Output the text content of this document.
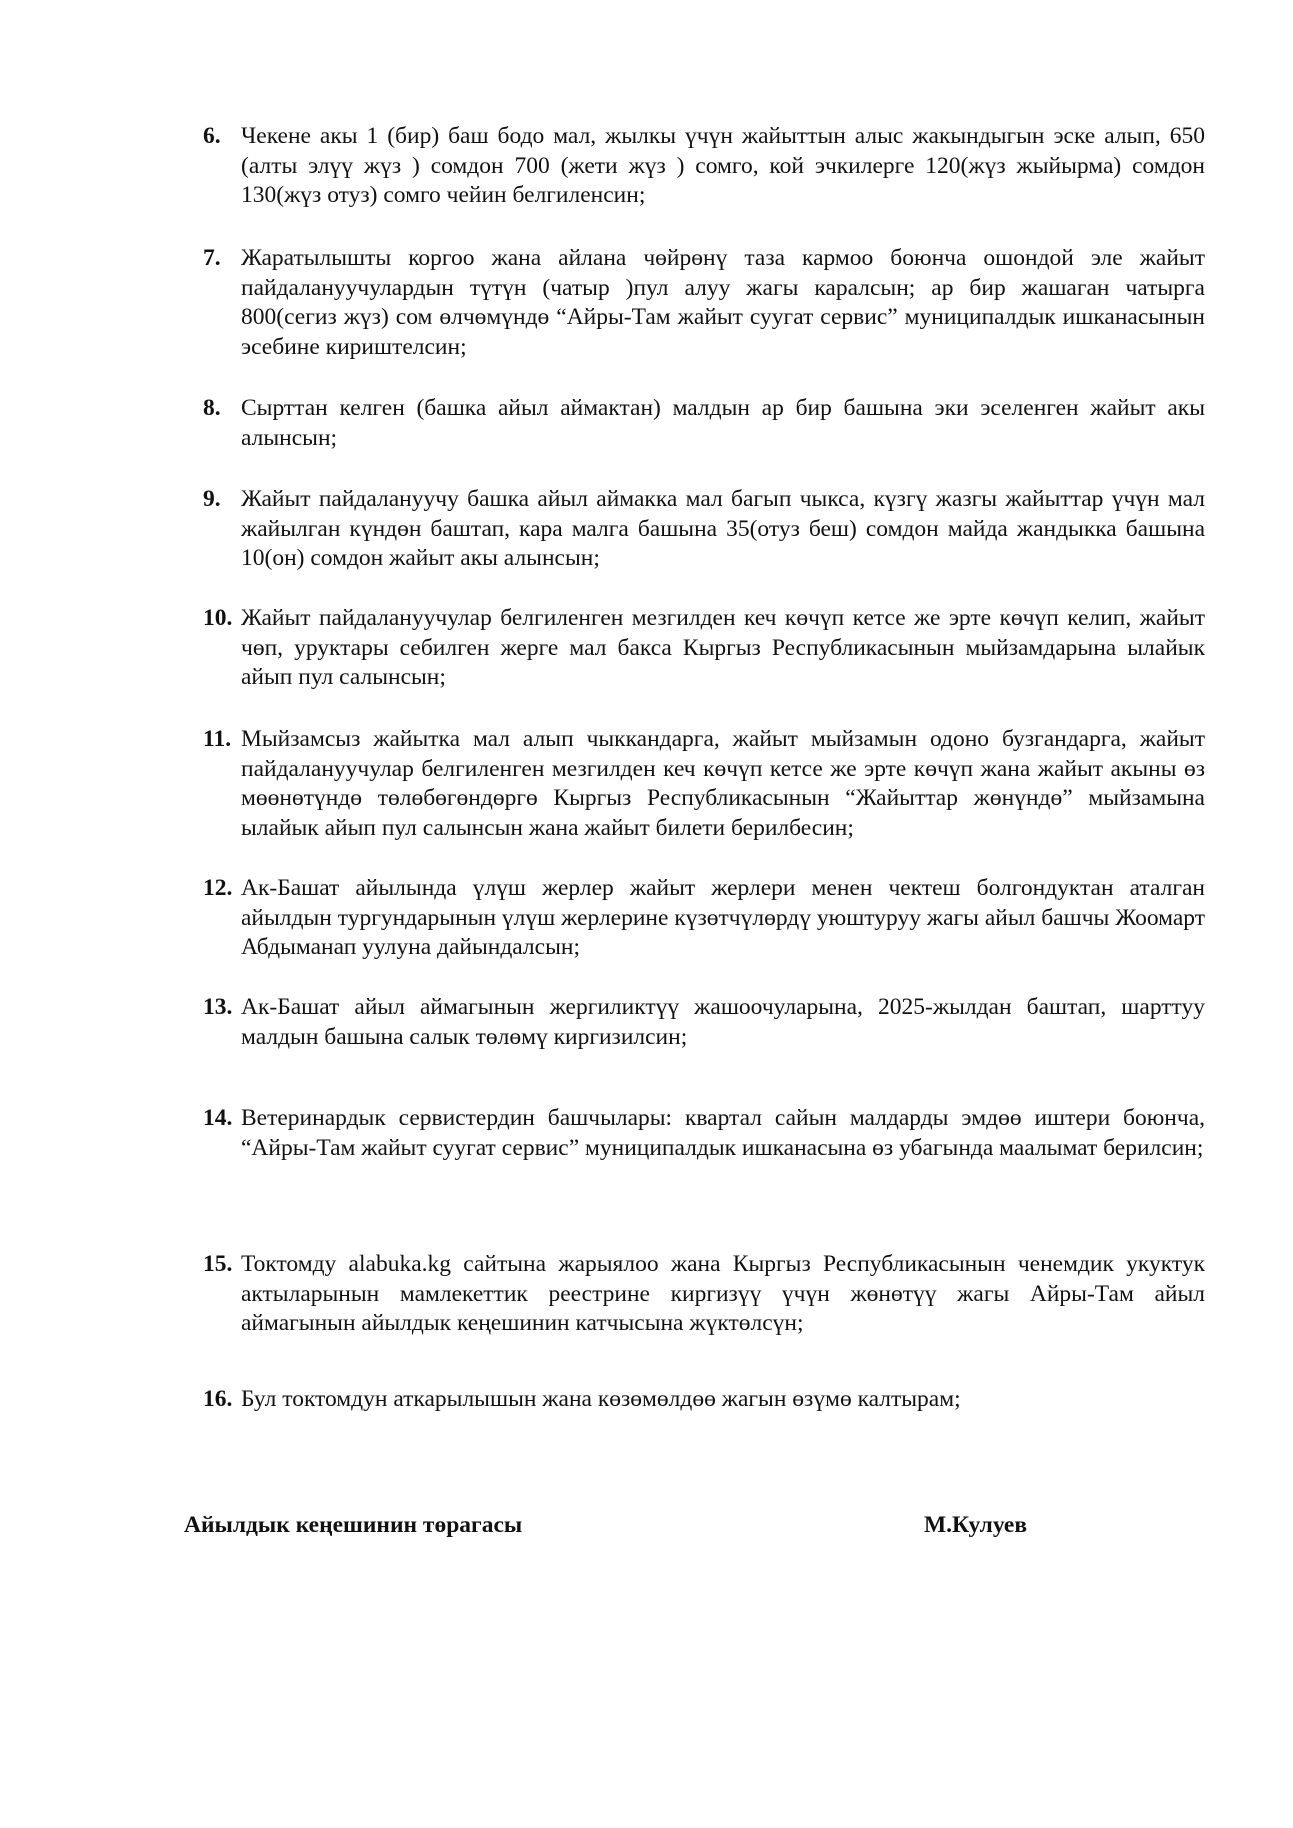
6. Чекене акы 1 (бир) баш бодо мал, жылкы үчүн жайыттын алыс жакындыгын эске алып, 650 (алты элүү жүз ) сомдон 700 (жети жүз ) сомго, кой эчкилерге 120(жүз жыйырма) сомдон 130(жүз отуз) сомго чейин белгиленсин;
7. Жаратылышты коргоо жана айлана чөйрөнү таза кармоо боюнча ошондой эле жайыт пайдалануучулардын түтүн (чатыр )пул алуу жагы каралсын; ар бир жашаган чатырга 800(сегиз жүз) сом өлчөмүндө “Айры-Там жайыт суугат сервис” муниципалдык ишканасынын эсебине кириштелсин;
8. Сырттан келген (башка айыл аймактан) малдын ар бир башына эки эселенген жайыт акы алынсын;
9. Жайыт пайдалануучу башка айыл аймакка мал багып чыкса, күзгү жазгы жайыттар үчүн мал жайылган күндөн баштап, кара малга башына 35(отуз беш) сомдон майда жандыкка башына 10(он) сомдон жайыт акы алынсын;
10. Жайыт пайдалануучулар белгиленген мезгилден кеч көчүп кетсе же эрте көчүп келип, жайыт чөп, уруктары себилген жерге мал бакса Кыргыз Республикасынын мыйзамдарына ылайык айып пул салынсын;
11. Мыйзамсыз жайытка мал алып чыккандарга, жайыт мыйзамын одоно бузгандарга, жайыт пайдалануучулар белгиленген мезгилден кеч көчүп кетсе же эрте көчүп жана жайыт акыны өз мөөнөтүндө төлөбөгөндөргө Кыргыз Республикасынын “Жайыттар жөнүндө” мыйзамына ылайык айып пул салынсын жана жайыт билети берилбесин;
12. Ак-Башат айылында үлүш жерлер жайыт жерлери менен чектеш болгондуктан аталган айылдын тургундарынын үлүш жерлерине күзөтчүлөрдү уюштуруу жагы айыл башчы Жоомарт Абдыманап уулуна дайындалсын;
13. Ак-Башат айыл аймагынын жергиликтүү жашоочуларына, 2025-жылдан баштап, шарттуу малдын башына салык төлөмү киргизилсин;
14. Ветеринардык сервистердин башчылары: квартал сайын малдарды эмдөө иштери боюнча, “Айры-Там жайыт суугат сервис” муниципалдык ишканасына өз убагында маалымат берилсин;
15. Токтомду alabuka.kg сайтына жарыялоо жана Кыргыз Республикасынын ченемдик укуктук актыларынын мамлекеттик реестрине киргизүү үчүн жөнөтүү жагы Айры-Там айыл аймагынын айылдык кеңешинин катчысына жүктөлсүн;
16. Бул токтомдун аткарылышын жана көзөмөлдөө жагын өзүмө калтырам;
Айылдык кеңешинин төрагасы	М.Кулуев
